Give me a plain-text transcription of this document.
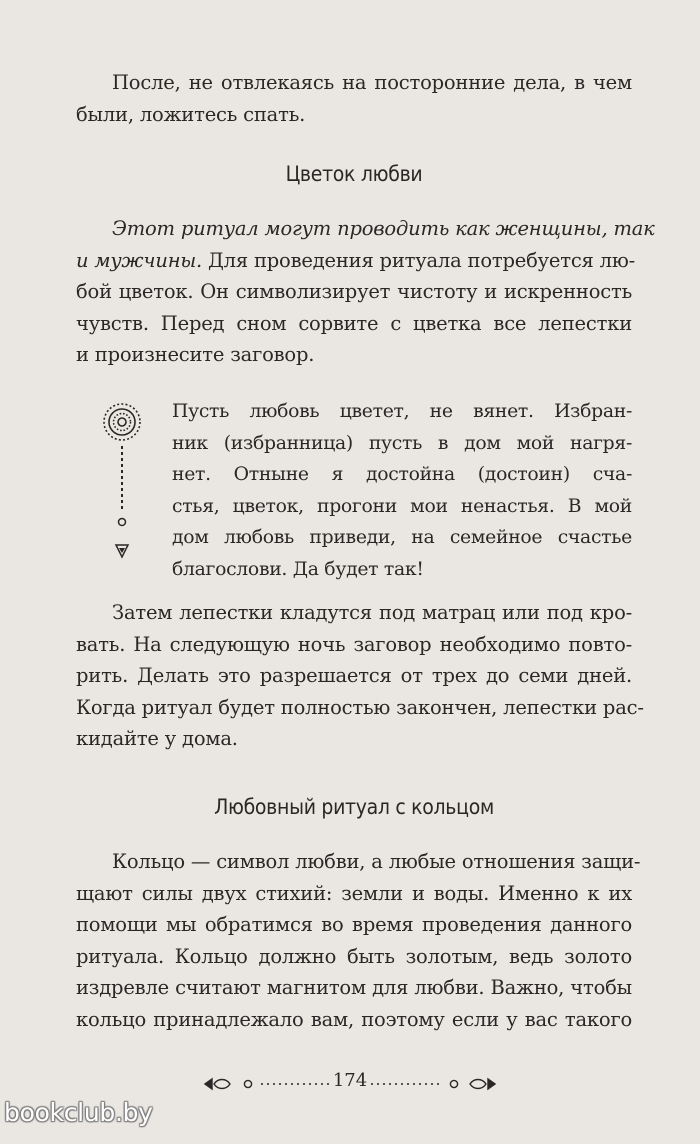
После, не отвлекаясь на посторонние дела, в чем
были, ложитесь спать.
Цветок любви
Этот ритуал могут проводить как женщины, так
и мужчины. Для проведения ритуала потребуется лю-
бой цветок. Он символизирует чистоту и искренность
чувств. Перед сном сорвите с цветка все лепестки
и произнесите заговор.
Пусть любовь цветет, не вянет. Избран-
ник (избранница) пусть в дом мой нагря-
нет. Отныне я достойна (достоин) сча-
стья, цветок, прогони мои ненастья. В мой
дом любовь приведи, на семейное счастье
благослови. Да будет так!
Затем лепестки кладутся под матрац или под кро-
вать. На следующую ночь заговор необходимо повто-
рить. Делать это разрешается от трех до семи дней.
Когда ритуал будет полностью закончен, лепестки рас-
кидайте у дома.
Любовный ритуал с кольцом
Кольцо — символ любви, а любые отношения защи-
щают силы двух стихий: земли и воды. Именно к их
помощи мы обратимся во время проведения данного
ритуала. Кольцо должно быть золотым, ведь золото
издревле считают магнитом для любви. Важно, чтобы
кольцо принадлежало вам, поэтому если у вас такого
174
bookclub.by
